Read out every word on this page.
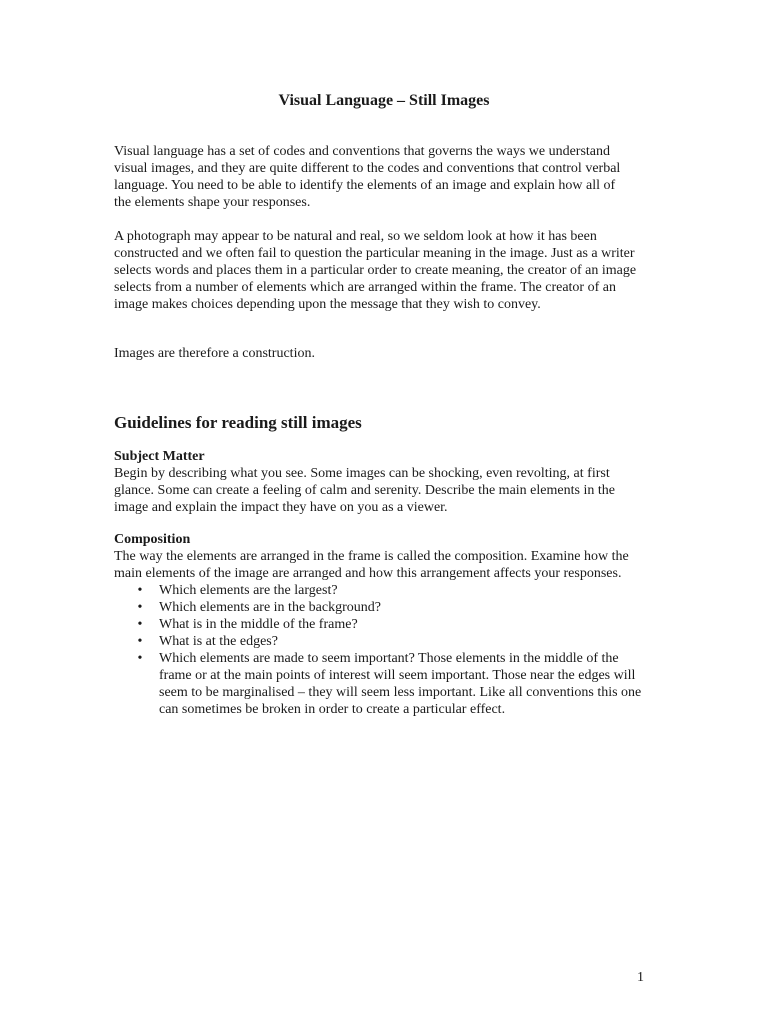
Visual Language – Still Images

Visual language has a set of codes and conventions that governs the ways we understand visual images, and they are quite different to the codes and conventions that control verbal language. You need to be able to identify the elements of an image and explain how all of the elements shape your responses.

A photograph may appear to be natural and real, so we seldom look at how it has been constructed and we often fail to question the particular meaning in the image. Just as a writer selects words and places them in a particular order to create meaning, the creator of an image selects from a number of elements which are arranged within the frame. The creator of an image makes choices depending upon the message that they wish to convey.

Images are therefore a construction.

Guidelines for reading still images

Subject Matter

Begin by describing what you see. Some images can be shocking, even revolting, at first glance. Some can create a feeling of calm and serenity. Describe the main elements in the image and explain the impact they have on you as a viewer.

Composition

The way the elements are arranged in the frame is called the composition. Examine how the main elements of the image are arranged and how this arrangement affects your responses.

• Which elements are the largest?
• Which elements are in the background?
• What is in the middle of the frame?
• What is at the edges?
• Which elements are made to seem important? Those elements in the middle of the frame or at the main points of interest will seem important. Those near the edges will seem to be marginalised – they will seem less important. Like all conventions this one can sometimes be broken in order to create a particular effect.
1
